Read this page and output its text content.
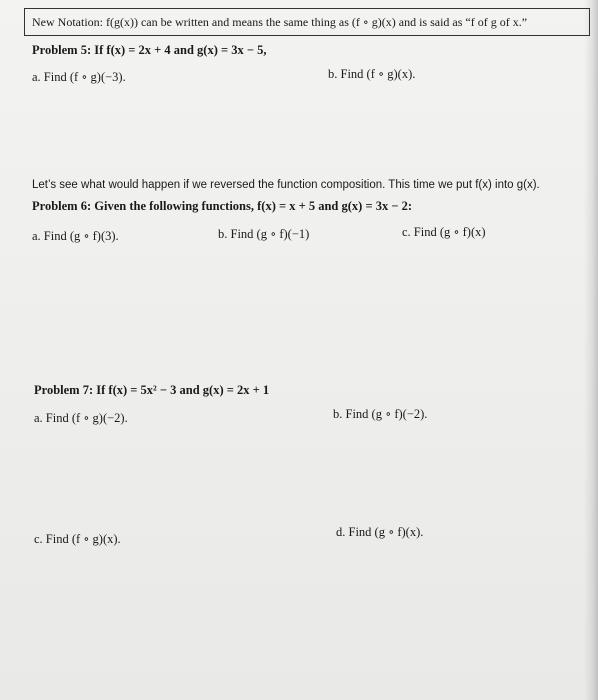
New Notation: f(g(x)) can be written and means the same thing as (f ∘ g)(x) and is said as “f of g of x.”
Problem 5: If f(x) = 2x + 4 and g(x) = 3x − 5,
a. Find (f ∘ g)(−3).	b. Find (f ∘ g)(x).
Let’s see what would happen if we reversed the function composition. This time we put f(x) into g(x).
Problem 6: Given the following functions, f(x) = x + 5 and g(x) = 3x − 2:
a. Find (g ∘ f)(3).	b. Find (g ∘ f)(−1)	c. Find (g ∘ f)(x)
Problem 7: If f(x) = 5x² − 3 and g(x) = 2x + 1
a. Find (f ∘ g)(−2).	b. Find (g ∘ f)(−2).
c. Find (f ∘ g)(x).	d. Find (g ∘ f)(x).
